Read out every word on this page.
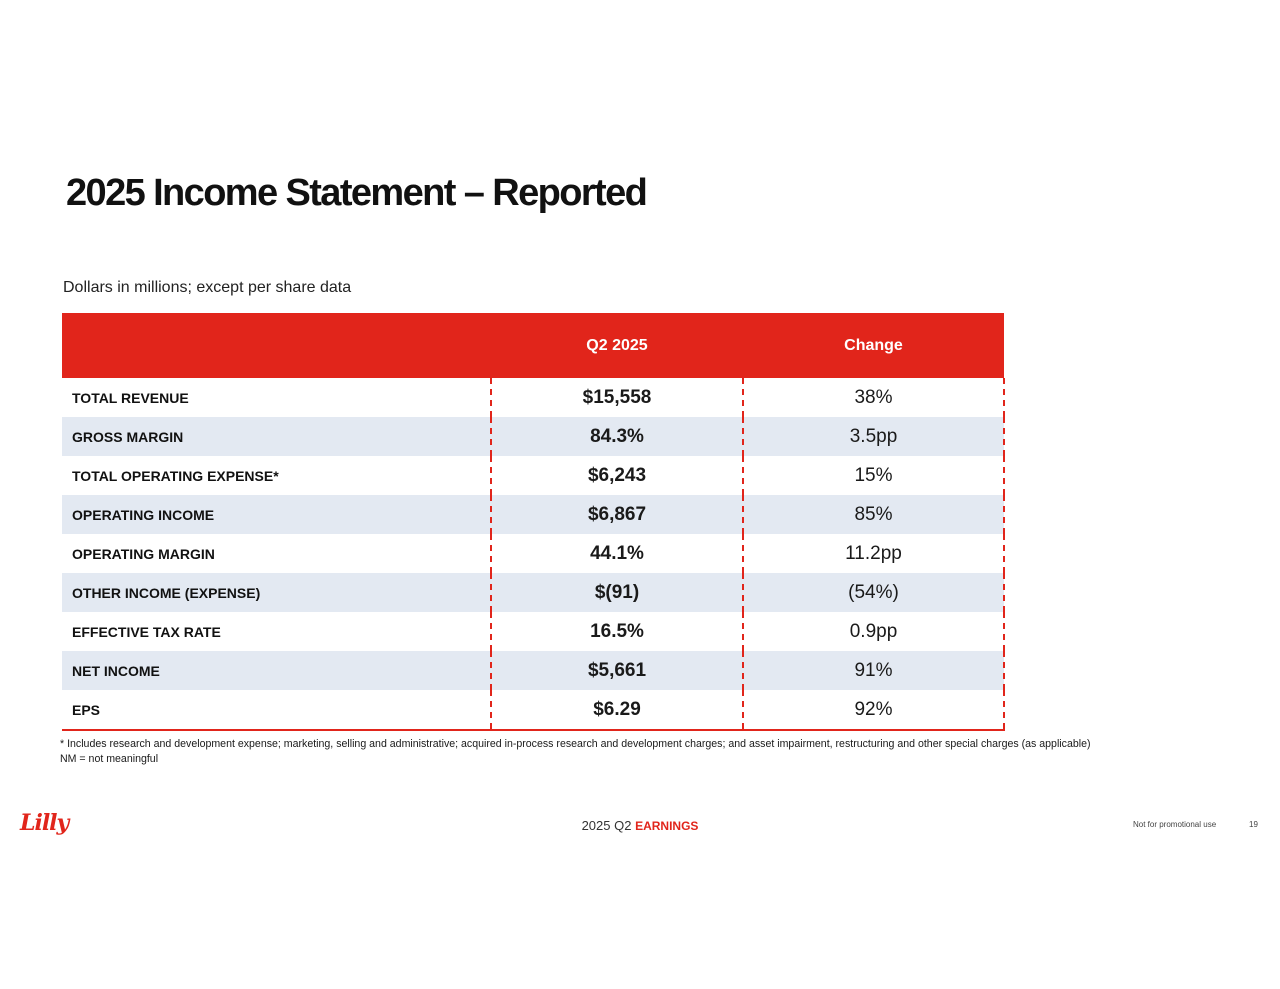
2025 Income Statement – Reported
Dollars in millions; except per share data
	Q2 2025	Change
TOTAL REVENUE	$15,558	38%
GROSS MARGIN	84.3%	3.5pp
TOTAL OPERATING EXPENSE*	$6,243	15%
OPERATING INCOME	$6,867	85%
OPERATING MARGIN	44.1%	11.2pp
OTHER INCOME (EXPENSE)	$(91)	(54%)
EFFECTIVE TAX RATE	16.5%	0.9pp
NET INCOME	$5,661	91%
EPS	$6.29	92%
* Includes research and development expense; marketing, selling and administrative; acquired in-process research and development charges; and asset impairment, restructuring and other special charges (as applicable)
NM = not meaningful
Lilly	2025 Q2 EARNINGS	Not for promotional use	19
